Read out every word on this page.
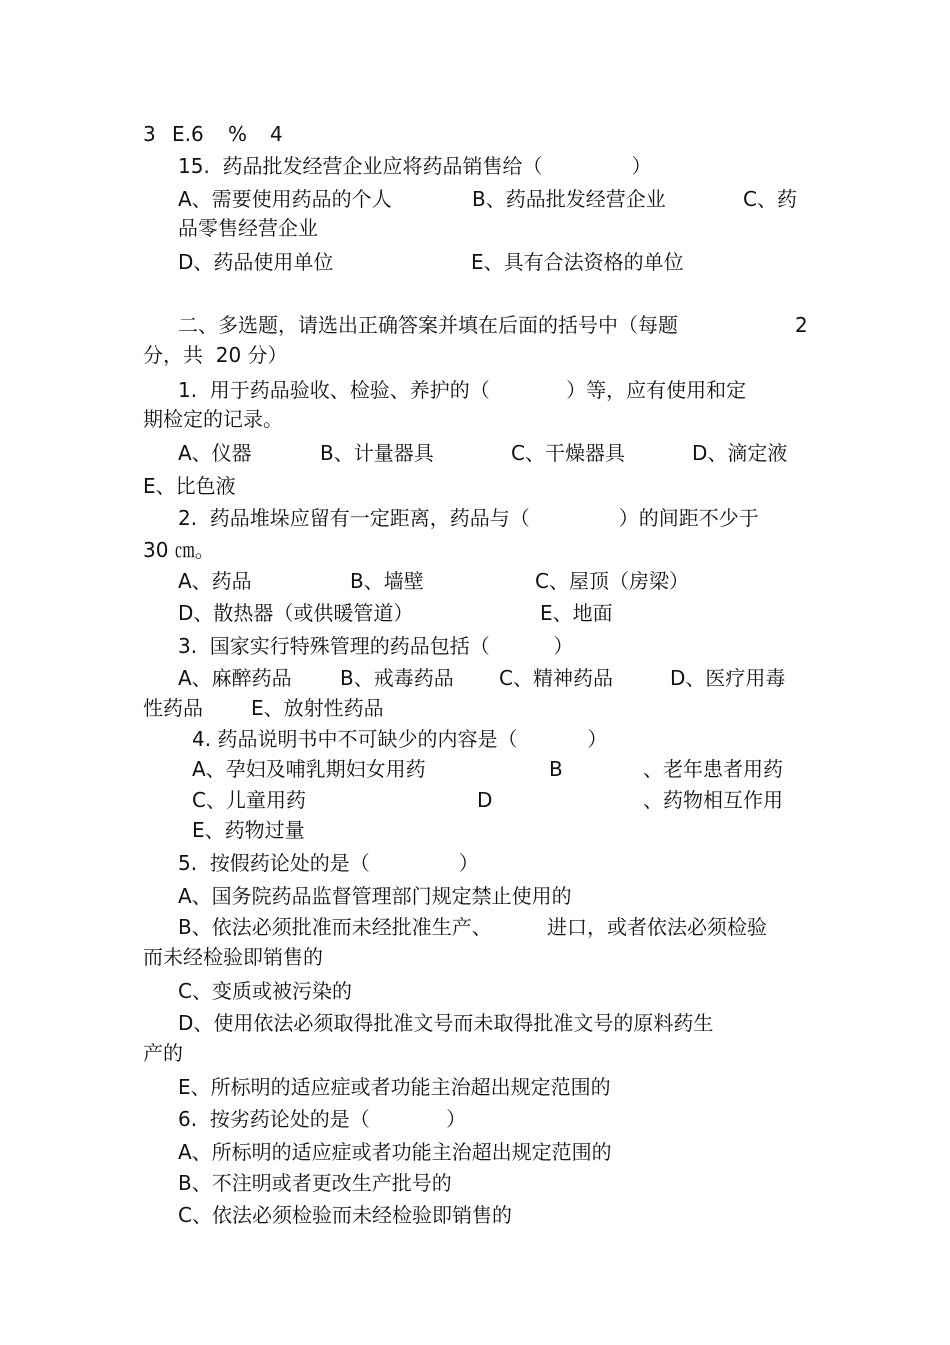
3

E.6

%

4

15.  药品批发经营企业应将药品销售给（              ）

A、需要使用药品的个人

	B、药品批发经营企业

	C、药

品零售经营企业

D、药品使用单位

	E、具有合法资格的单位

二、多选题，请选出正确答案并填在后面的括号中（每题

	2

分，共  20 分）
1.  用于药品验收、检验、养护的（            ）等，应有使用和定
期检定的记录。

A、仪器

	B、计量器具

	C、干燥器具

	D、滴定液

E、比色液
2.  药品堆垛应留有一定距离，药品与（              ）的间距不少于
30 ㎝。

A、药品

	B、墙壁

	C、屋顶（房梁）

D、散热器（或供暖管道）

	E、地面

3.  国家实行特殊管理的药品包括（          ）

A、麻醉药品

B、戒毒药品

C、精神药品

	D、医疗用毒

性药品

E、放射性药品

4. 药品说明书中不可缺少的内容是（           ）

A、孕妇及哺乳期妇女用药

	B

	、老年患者用药

C、儿童用药

	D

	、药物相互作用

E、药物过量
5.  按假药论处的是（              ）
A、国务院药品监督管理部门规定禁止使用的

B、依法必须批准而未经批准生产、

	进口，或者依法必须检验

而未经检验即销售的
C、变质或被污染的
D、使用依法必须取得批准文号而未取得批准文号的原料药生
产的
E、所标明的适应症或者功能主治超出规定范围的
6.  按劣药论处的是（            ）
A、所标明的适应症或者功能主治超出规定范围的
B、不注明或者更改生产批号的
C、依法必须检验而未经检验即销售的
